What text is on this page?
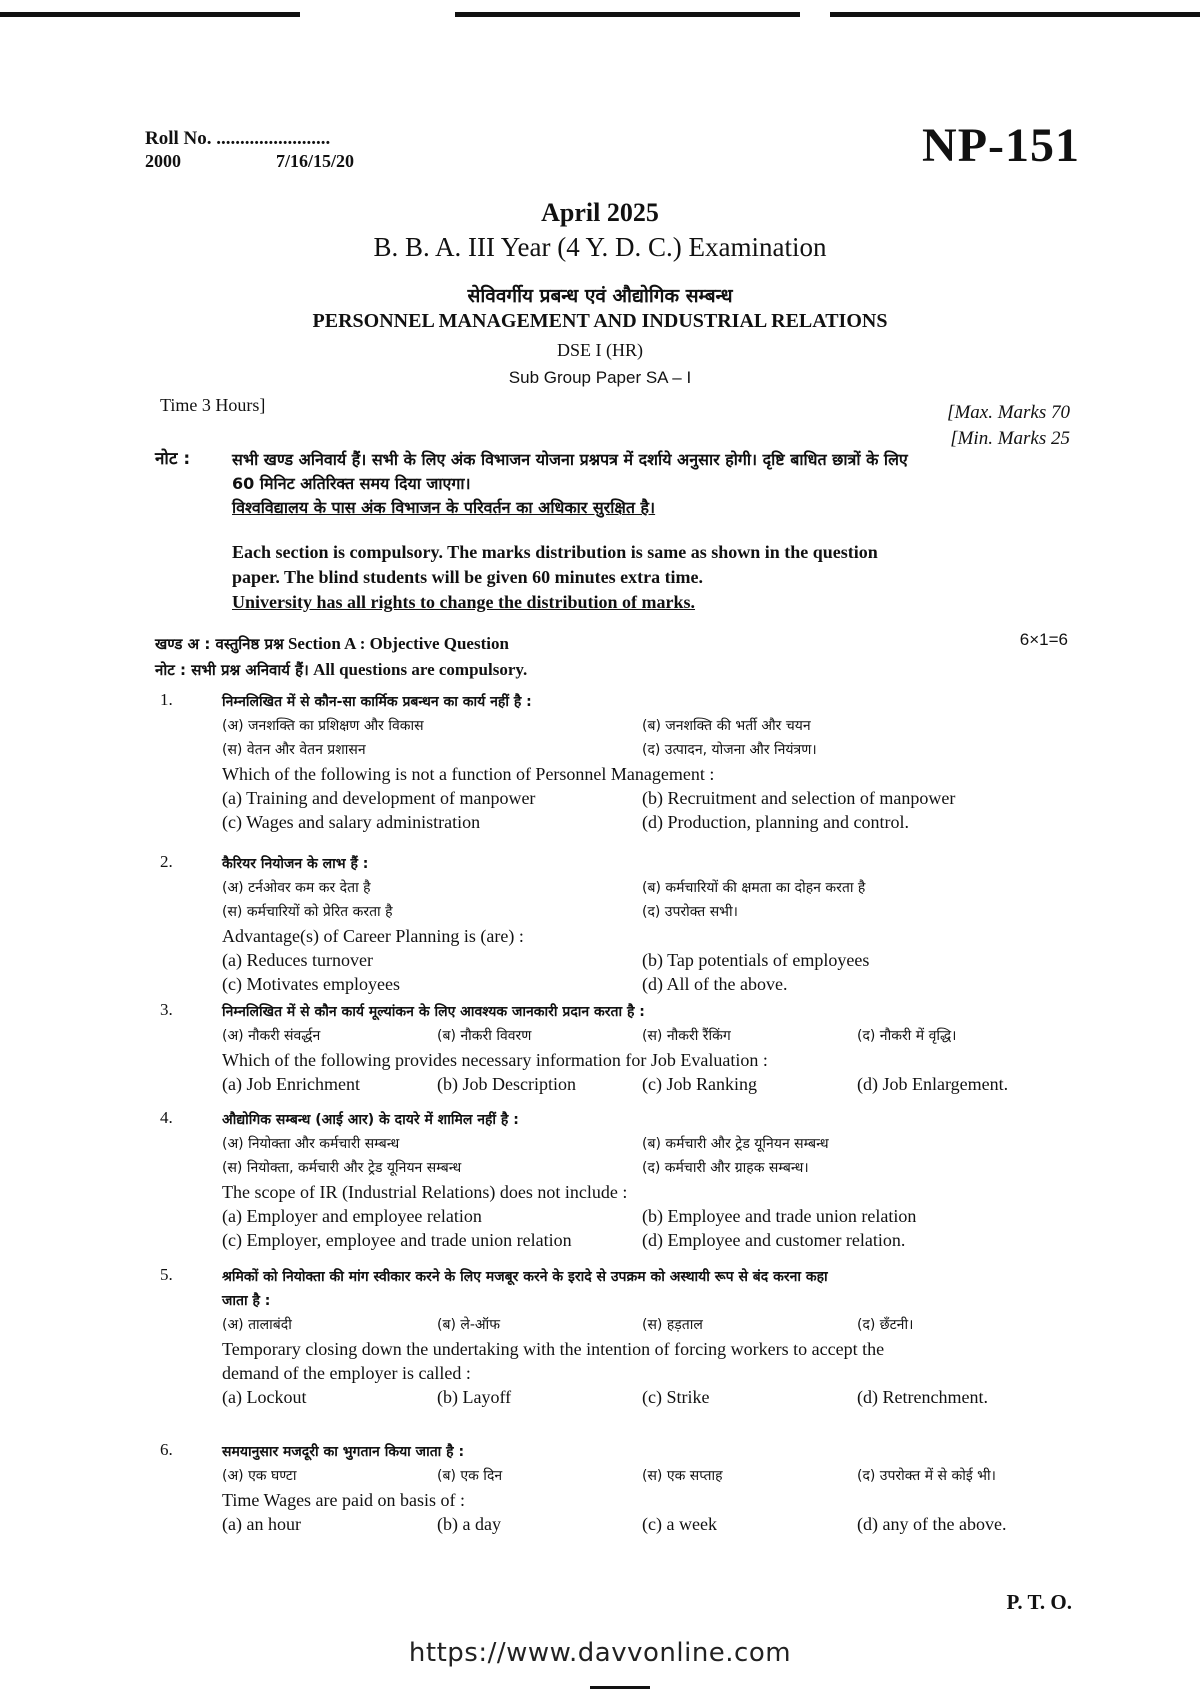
Roll No. ........................
2000	7/16/15/20	NP-151
April 2025
B. B. A. III Year (4 Y. D. C.) Examination
सेविवर्गीय प्रबन्ध एवं औद्योगिक सम्बन्ध
PERSONNEL MANAGEMENT AND INDUSTRIAL RELATIONS
DSE I (HR)
Sub Group Paper SA – I
Time 3 Hours]	[Max. Marks 70
[Min. Marks 25
नोट :	सभी खण्ड अनिवार्य हैं। सभी के लिए अंक विभाजन योजना प्रश्नपत्र में दर्शाये अनुसार होगी। दृष्टि बाधित छात्रों के लिए
60 मिनिट अतिरिक्त समय दिया जाएगा।
विश्वविद्यालय के पास अंक विभाजन के परिवर्तन का अधिकार सुरक्षित है।
Each section is compulsory. The marks distribution is same as shown in the question
paper. The blind students will be given 60 minutes extra time.
University has all rights to change the distribution of marks.
खण्ड अ : वस्तुनिष्ठ प्रश्न Section A : Objective Question	6×1=6
नोट : सभी प्रश्न अनिवार्य हैं। All questions are compulsory.
1.	निम्नलिखित में से कौन-सा कार्मिक प्रबन्धन का कार्य नहीं है :
(अ) जनशक्ति का प्रशिक्षण और विकास	(ब) जनशक्ति की भर्ती और चयन
(स) वेतन और वेतन प्रशासन	(द) उत्पादन, योजना और नियंत्रण।
Which of the following is not a function of Personnel Management :
(a) Training and development of manpower	(b) Recruitment and selection of manpower
(c) Wages and salary administration	(d) Production, planning and control.
2.	कैरियर नियोजन के लाभ हैं :
(अ) टर्नओवर कम कर देता है	(ब) कर्मचारियों की क्षमता का दोहन करता है
(स) कर्मचारियों को प्रेरित करता है	(द) उपरोक्त सभी।
Advantage(s) of Career Planning is (are) :
(a) Reduces turnover	(b) Tap potentials of employees
(c) Motivates employees	(d) All of the above.
3.	निम्नलिखित में से कौन कार्य मूल्यांकन के लिए आवश्यक जानकारी प्रदान करता है :
(अ) नौकरी संवर्द्धन	(ब) नौकरी विवरण	(स) नौकरी रैंकिंग	(द) नौकरी में वृद्धि।
Which of the following provides necessary information for Job Evaluation :
(a) Job Enrichment	(b) Job Description	(c) Job Ranking	(d) Job Enlargement.
4.	औद्योगिक सम्बन्ध (आई आर) के दायरे में शामिल नहीं है :
(अ) नियोक्ता और कर्मचारी सम्बन्ध	(ब) कर्मचारी और ट्रेड यूनियन सम्बन्ध
(स) नियोक्ता, कर्मचारी और ट्रेड यूनियन सम्बन्ध	(द) कर्मचारी और ग्राहक सम्बन्ध।
The scope of IR (Industrial Relations) does not include :
(a) Employer and employee relation	(b) Employee and trade union relation
(c) Employer, employee and trade union relation	(d) Employee and customer relation.
5.	श्रमिकों को नियोक्ता की मांग स्वीकार करने के लिए मजबूर करने के इरादे से उपक्रम को अस्थायी रूप से बंद करना कहा
जाता है :
(अ) तालाबंदी	(ब) ले-ऑफ	(स) हड़ताल	(द) छँटनी।
Temporary closing down the undertaking with the intention of forcing workers to accept the
demand of the employer is called :
(a) Lockout	(b) Layoff	(c) Strike	(d) Retrenchment.
6.	समयानुसार मजदूरी का भुगतान किया जाता है :
(अ) एक घण्टा	(ब) एक दिन	(स) एक सप्ताह	(द) उपरोक्त में से कोई भी।
Time Wages are paid on basis of :
(a) an hour	(b) a day	(c) a week	(d) any of the above.
P. T. O.
https://www.davvonline.com
